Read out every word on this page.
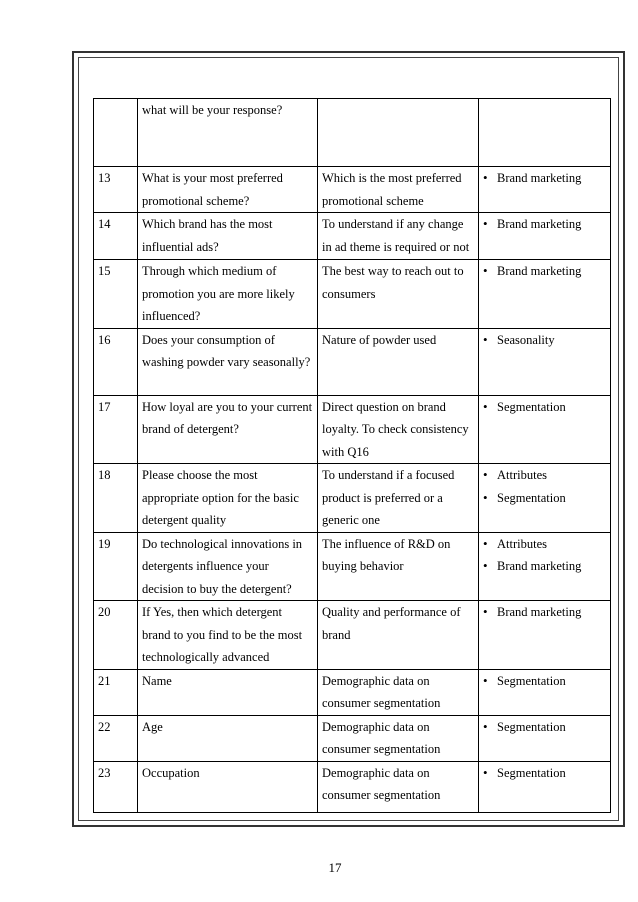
	what will be your response?		
13	What is your most preferred promotional scheme?	Which is the most preferred promotional scheme	• Brand marketing

14	Which brand has the most influential ads?	To understand if any change in ad theme is required or not	• Brand marketing

15	Through which medium of promotion you are more likely influenced?	The best way to reach out to consumers	• Brand marketing

16	Does your consumption of washing powder vary seasonally?	Nature of powder used	• Seasonality

17	How loyal are you to your current brand of detergent?	Direct question on brand loyalty. To check consistency with Q16	• Segmentation

18	Please choose the most appropriate option for the basic detergent quality	To understand if a focused product is preferred or a generic one	• Attributes
• Segmentation

19	Do technological innovations in detergents influence your decision to buy the detergent?	The influence of R&D on buying behavior	• Attributes
• Brand marketing

20	If Yes, then which detergent brand to you find to be the most technologically advanced	Quality and performance of brand	• Brand marketing

21	Name	Demographic data on consumer segmentation	• Segmentation

22	Age	Demographic data on consumer segmentation	• Segmentation

23	Occupation	Demographic data on consumer segmentation	• Segmentation
17
